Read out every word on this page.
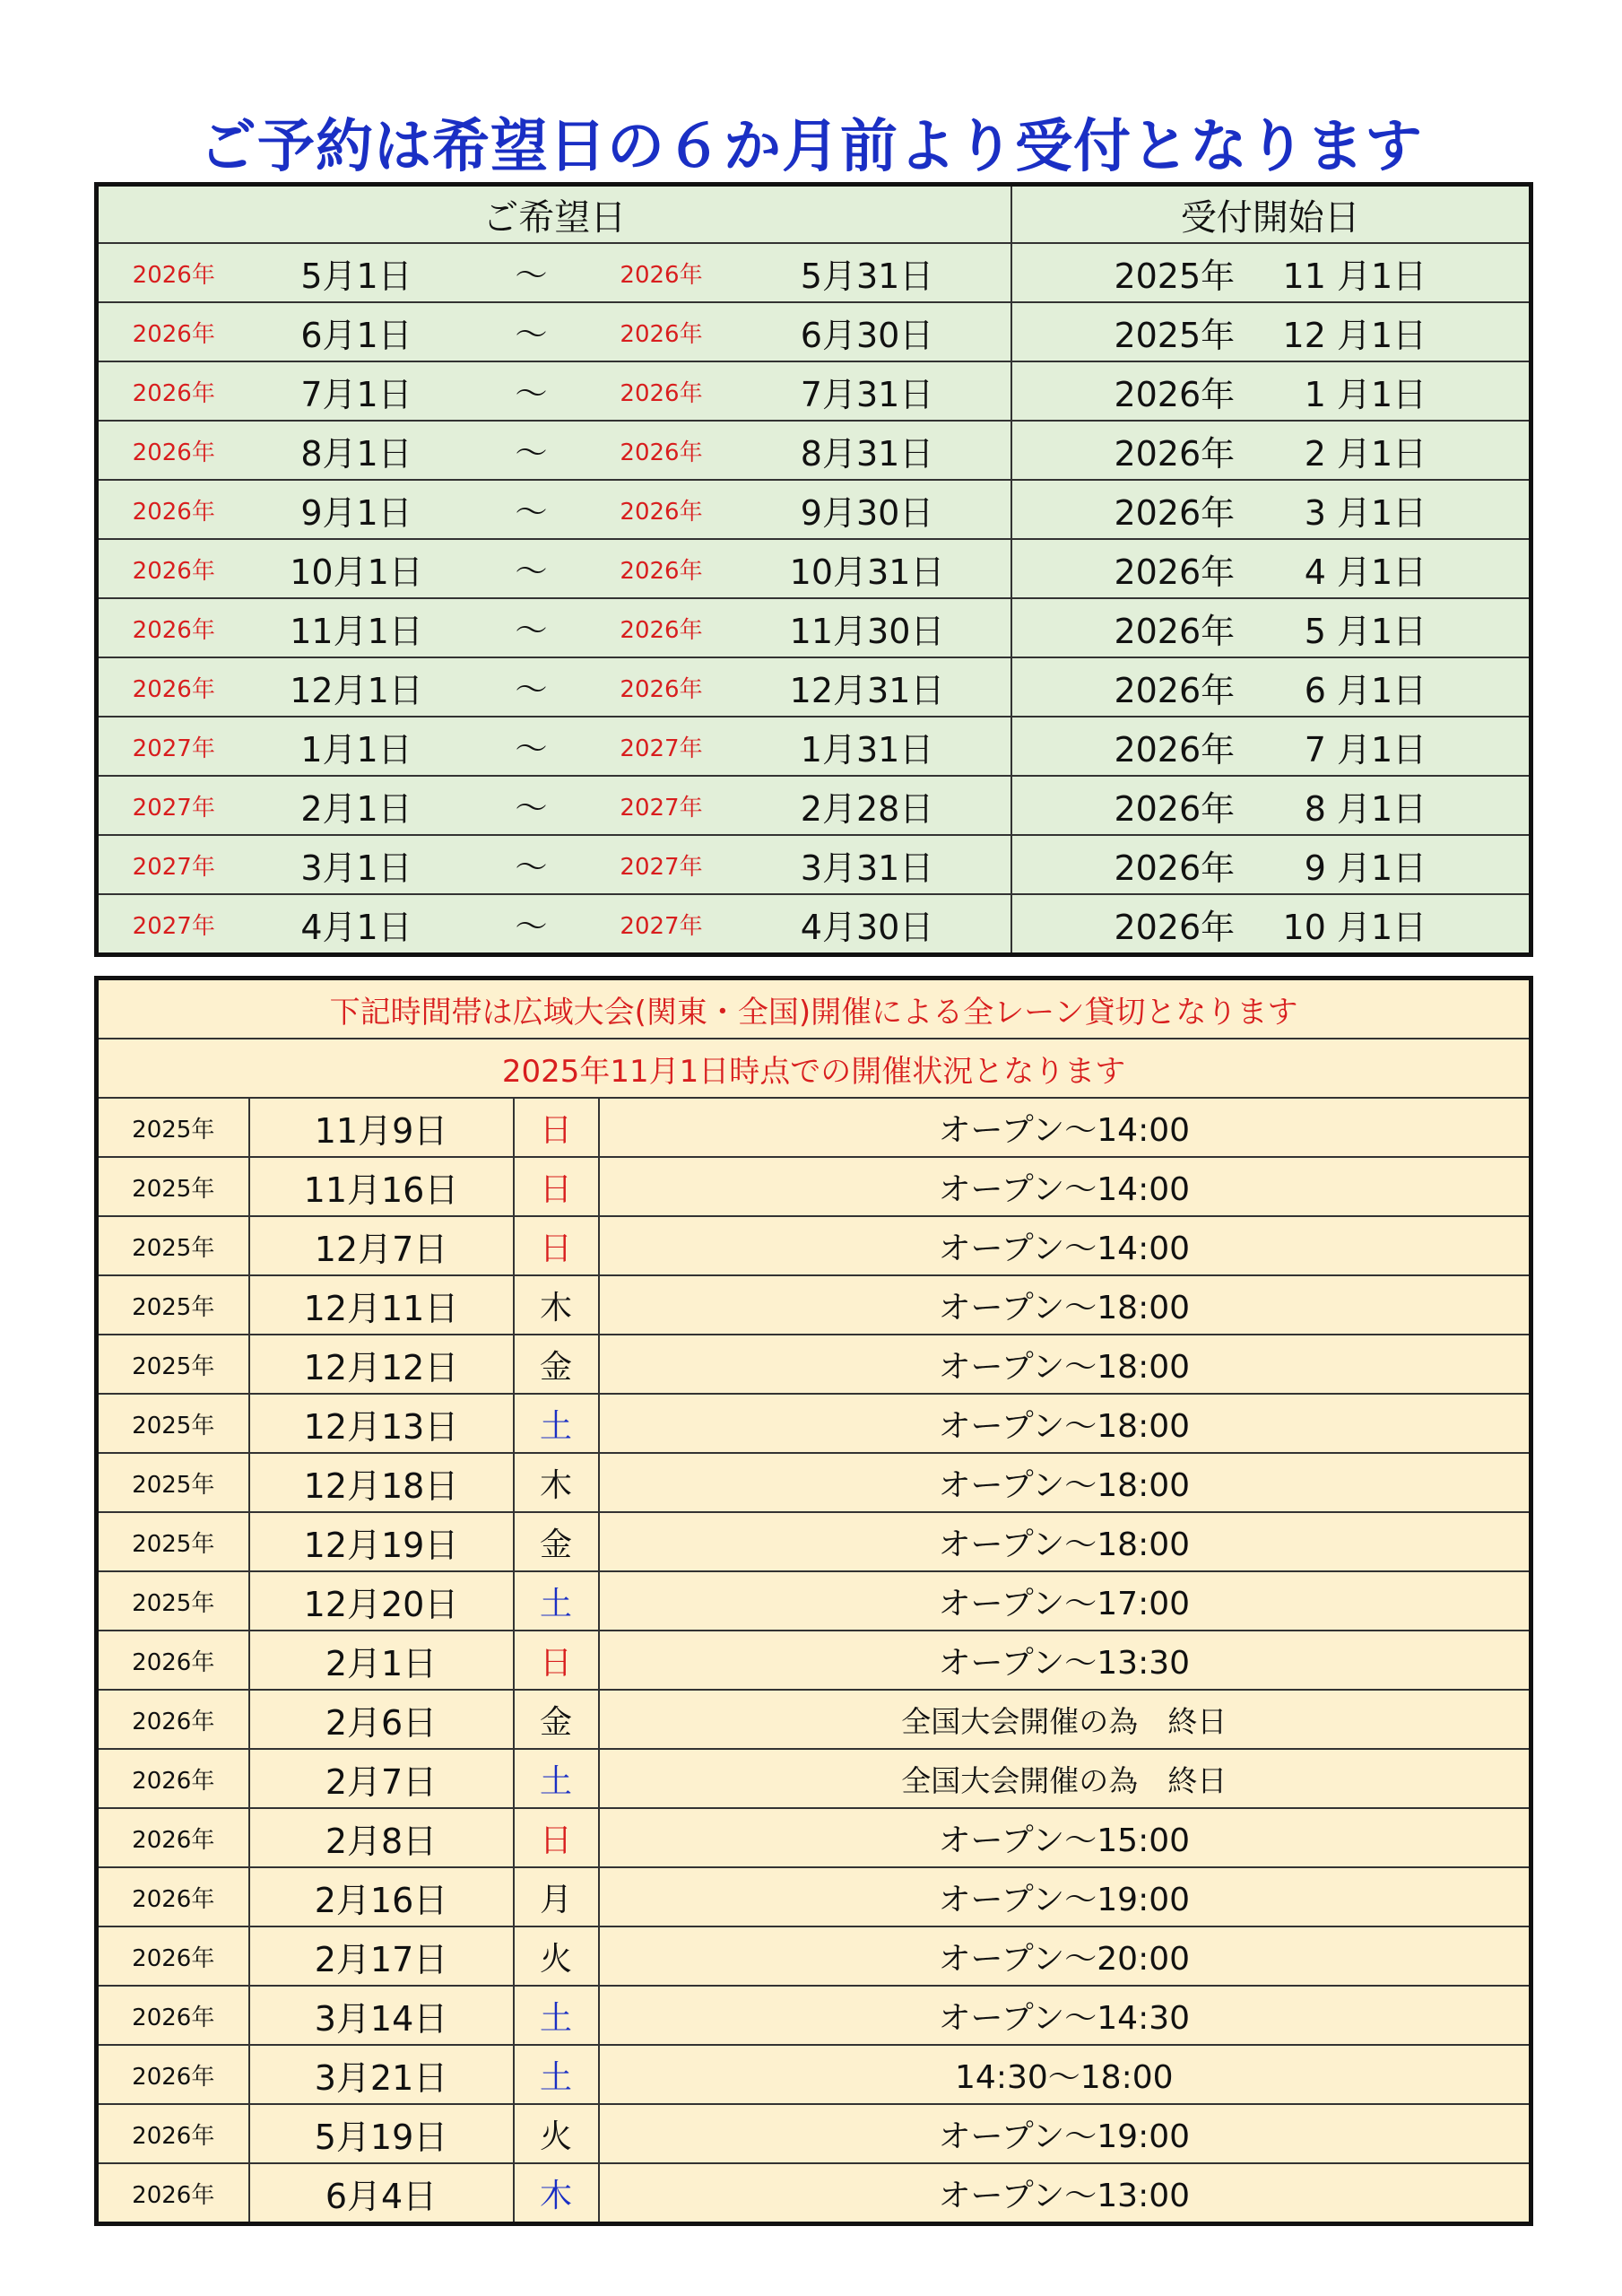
ご予約は希望日の６か月前より受付となります
ご希望日					受付開始日
2026年	5月1日	～	2026年	5月31日	2025年 11 月1日
2026年	6月1日	～	2026年	6月30日	2025年 12 月1日
2026年	7月1日	～	2026年	7月31日	2026年 1 月1日
2026年	8月1日	～	2026年	8月31日	2026年 2 月1日
2026年	9月1日	～	2026年	9月30日	2026年 3 月1日
2026年	10月1日	～	2026年	10月31日	2026年 4 月1日
2026年	11月1日	～	2026年	11月30日	2026年 5 月1日
2026年	12月1日	～	2026年	12月31日	2026年 6 月1日
2027年	1月1日	～	2027年	1月31日	2026年 7 月1日
2027年	2月1日	～	2027年	2月28日	2026年 8 月1日
2027年	3月1日	～	2027年	3月31日	2026年 9 月1日
2027年	4月1日	～	2027年	4月30日	2026年 10 月1日
下記時間帯は広域大会(関東・全国)開催による全レーン貸切となります			
2025年11月1日時点での開催状況となります			
2025年	11月9日	日	オープン～14:00
2025年	11月16日	日	オープン～14:00
2025年	12月7日	日	オープン～14:00
2025年	12月11日	木	オープン～18:00
2025年	12月12日	金	オープン～18:00
2025年	12月13日	土	オープン～18:00
2025年	12月18日	木	オープン～18:00
2025年	12月19日	金	オープン～18:00
2025年	12月20日	土	オープン～17:00
2026年	2月1日	日	オープン～13:30
2026年	2月6日	金	全国大会開催の為　終日
2026年	2月7日	土	全国大会開催の為　終日
2026年	2月8日	日	オープン～15:00
2026年	2月16日	月	オープン～19:00
2026年	2月17日	火	オープン～20:00
2026年	3月14日	土	オープン～14:30
2026年	3月21日	土	14:30～18:00
2026年	5月19日	火	オープン～19:00
2026年	6月4日	木	オープン～13:00
